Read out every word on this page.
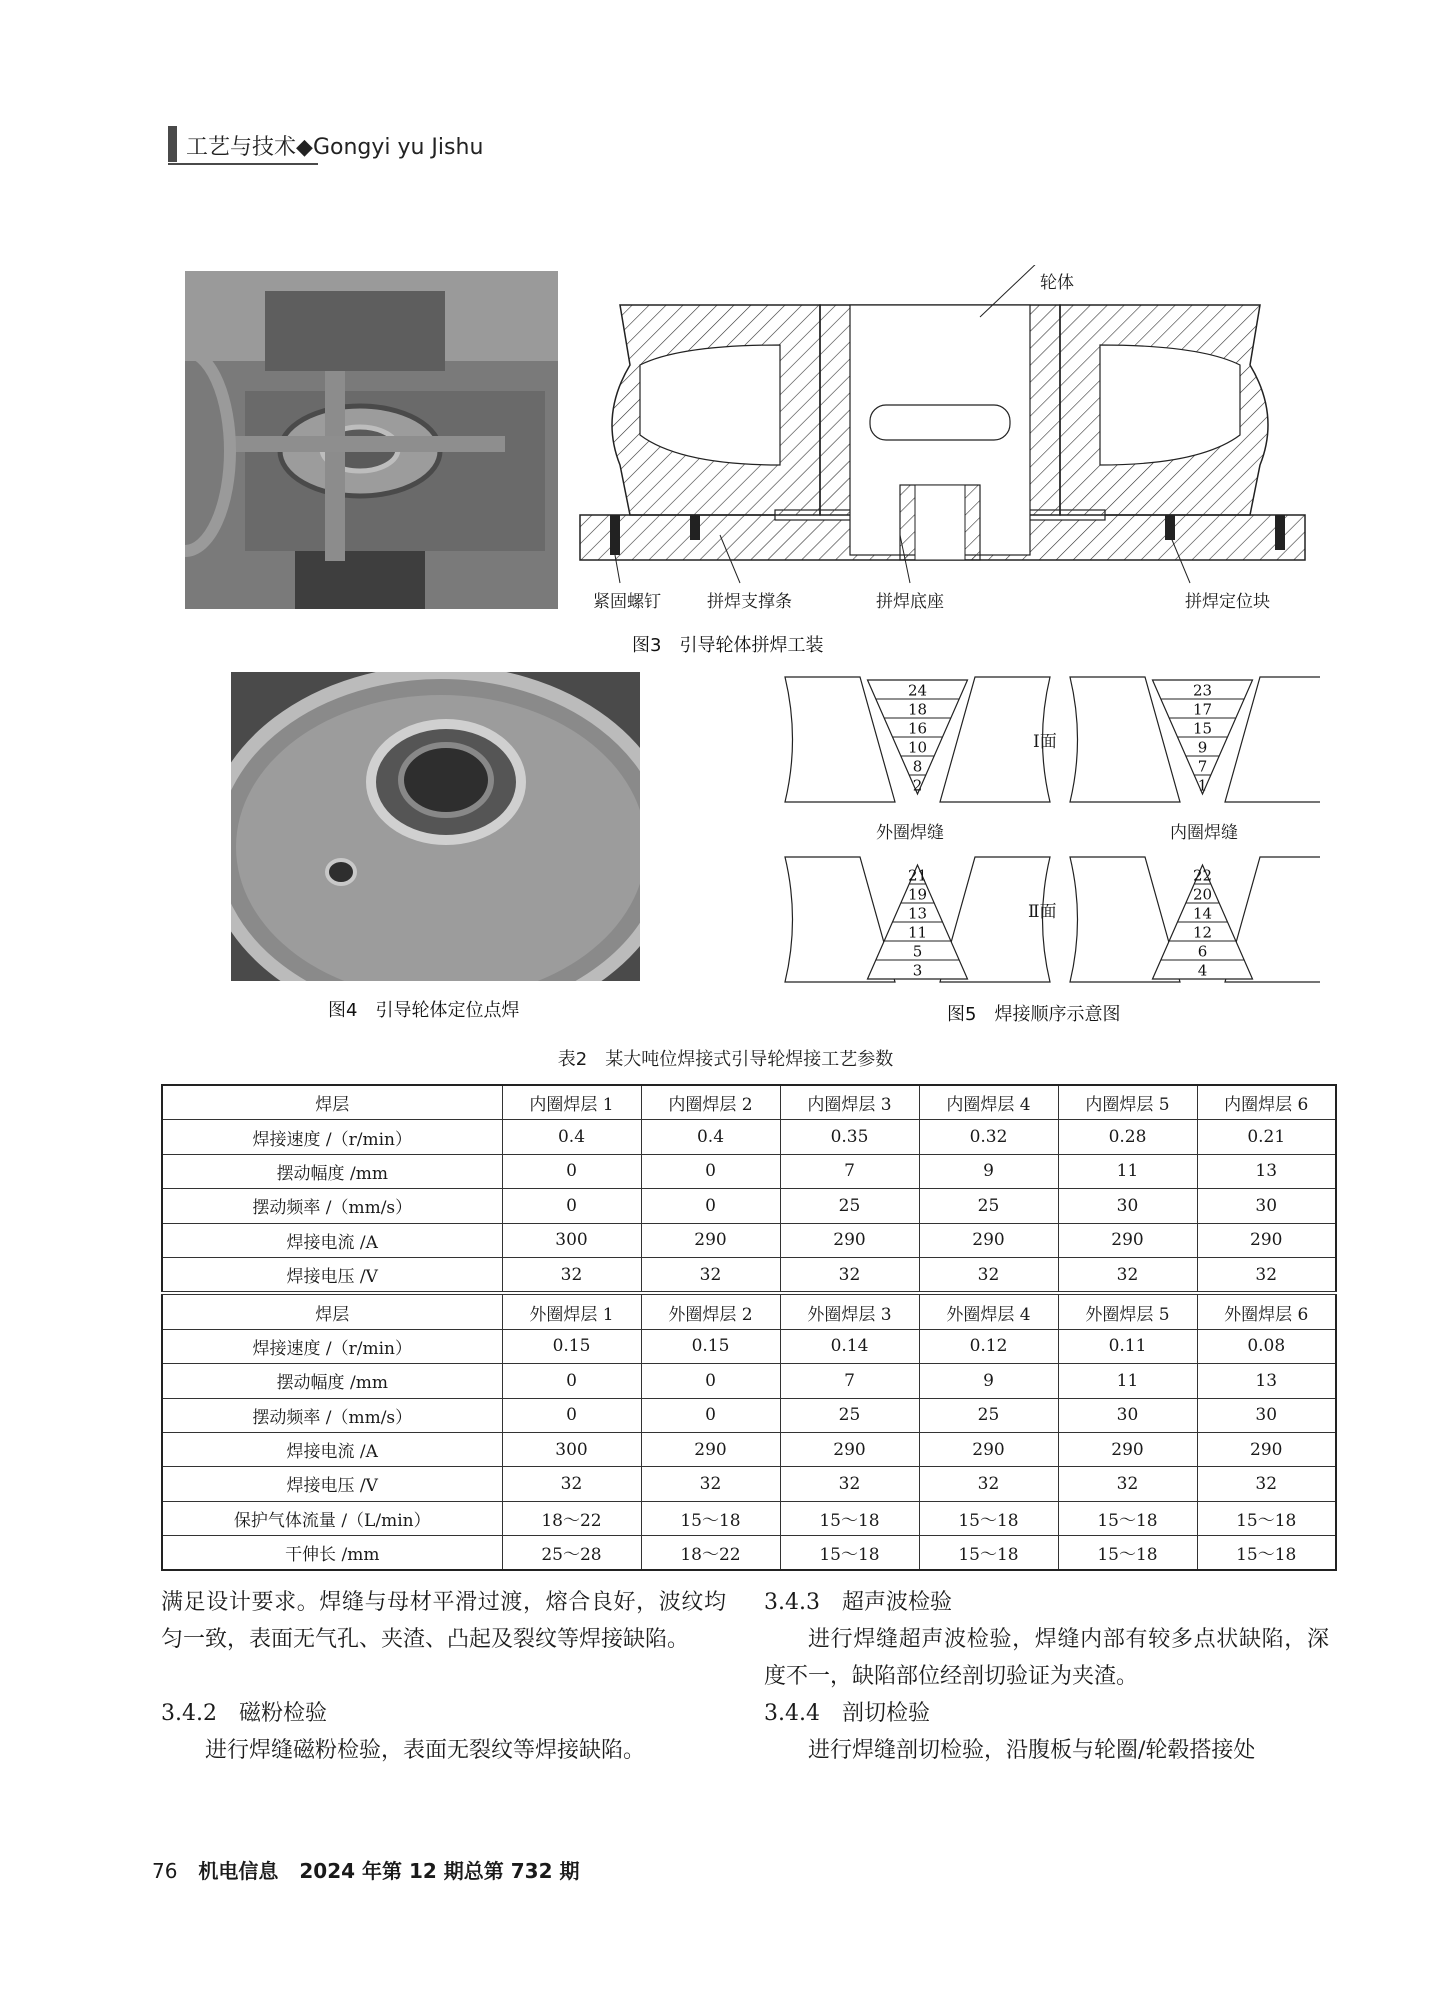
工艺与技术◆Gongyi yu Jishu
轮体
紧固螺钉	拼焊支撑条	拼焊底座	拼焊定位块
图3　引导轮体拼焊工装
图4　引导轮体定位点焊
24
18
16
10
8
2
23
17
15
9
7
1
3
5
11
13
19
21
4
6
12
14
20
22
Ⅰ面
Ⅱ面
外圈焊缝	内圈焊缝
图5　焊接顺序示意图
表2　某大吨位焊接式引导轮焊接工艺参数
焊层	内圈焊层 1	内圈焊层 2	内圈焊层 3	内圈焊层 4	内圈焊层 5	内圈焊层 6
焊接速度 /（r/min）	0.4	0.4	0.35	0.32	0.28	0.21
摆动幅度 /mm	0	0	7	9	11	13
摆动频率 /（mm/s）	0	0	25	25	30	30
焊接电流 /A	300	290	290	290	290	290
焊接电压 /V	32	32	32	32	32	32
焊层	外圈焊层 1	外圈焊层 2	外圈焊层 3	外圈焊层 4	外圈焊层 5	外圈焊层 6
焊接速度 /（r/min）	0.15	0.15	0.14	0.12	0.11	0.08
摆动幅度 /mm	0	0	7	9	11	13
摆动频率 /（mm/s）	0	0	25	25	30	30
焊接电流 /A	300	290	290	290	290	290
焊接电压 /V	32	32	32	32	32	32
保护气体流量 /（L/min）	18～22	15～18	15～18	15～18	15～18	15～18
干伸长 /mm	25～28	18～22	15～18	15～18	15～18	15～18
满足设计要求。焊缝与母材平滑过渡，熔合良好，波纹均匀一致，表面无气孔、夹渣、凸起及裂纹等焊接缺陷。
3.4.2　磁粉检验
进行焊缝磁粉检验，表面无裂纹等焊接缺陷。
3.4.3　超声波检验
进行焊缝超声波检验，焊缝内部有较多点状缺陷，深度不一，缺陷部位经剖切验证为夹渣。
3.4.4　剖切检验
进行焊缝剖切检验，沿腹板与轮圈/轮毂搭接处
76 机电信息 2024 年第 12 期总第 732 期
